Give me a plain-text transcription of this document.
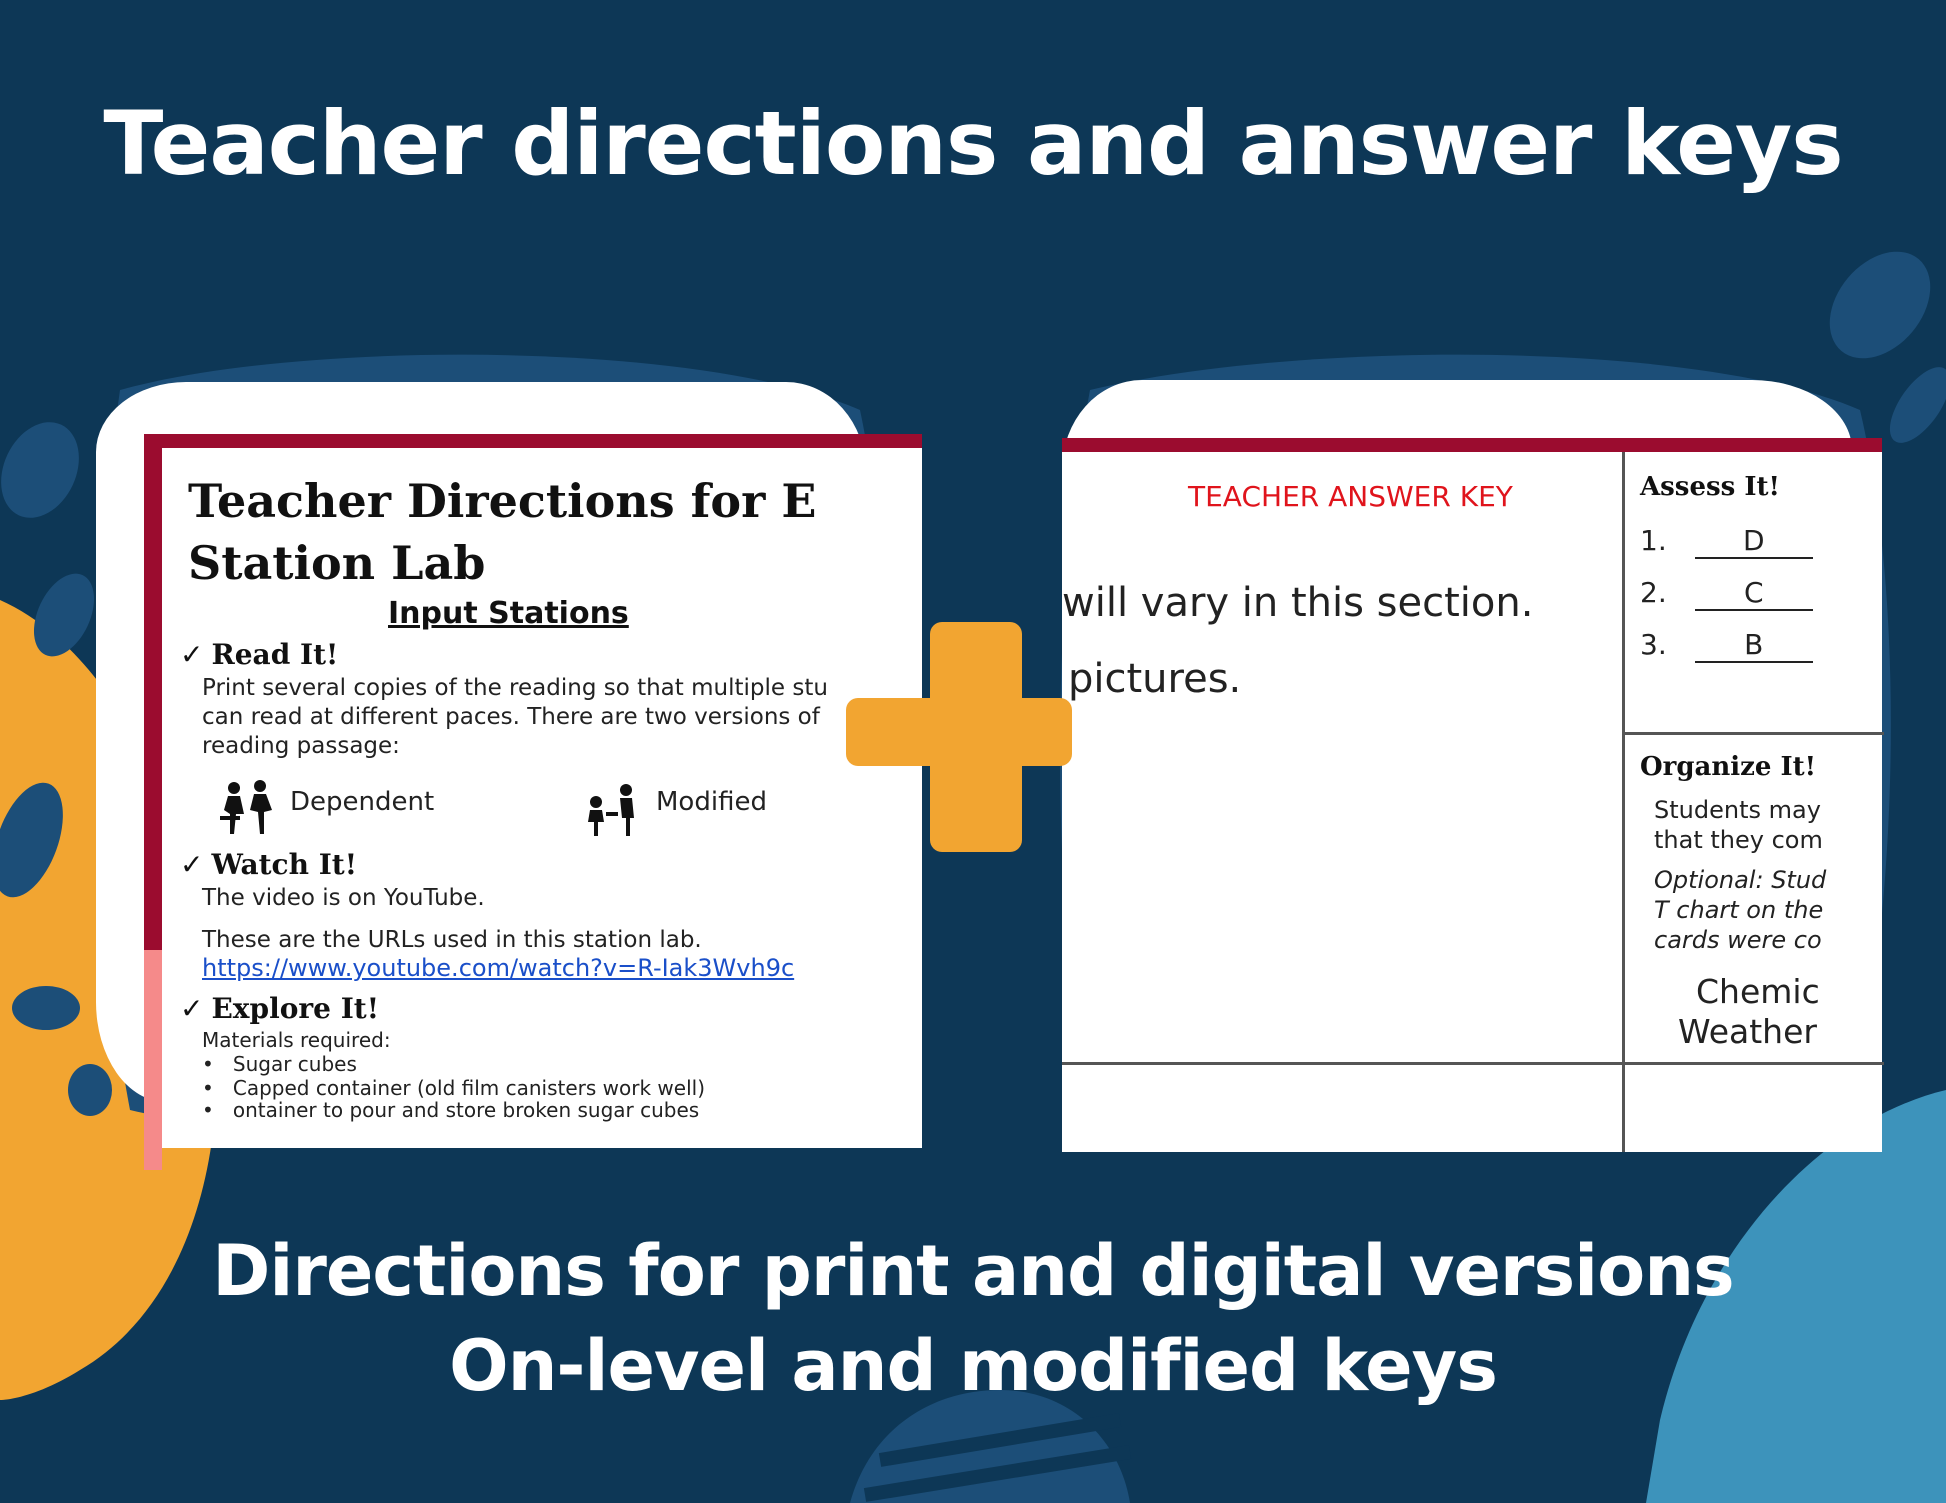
Teacher directions and answer keys
Teacher Directions for E
Station Lab
Input Stations
✓ Read It!
Print several copies of the reading so that multiple stu
can read at different paces. There are two versions of
reading passage:
Dependent	Modified
✓ Watch It!
The video is on YouTube.
These are the URLs used in this station lab.
https://www.youtube.com/watch?v=R-Iak3Wvh9c
✓ Explore It!
Materials required:
•   Sugar cubes
•   Capped container (old film canisters work well)
•   ontainer to pour and store broken sugar cubes
TEACHER ANSWER KEY
will vary in this section.
pictures.
Assess It!
1.	D
2.	C
3.	B
Organize It!
Students may
that they com
Optional: Stud
T chart on the
cards were co
Chemic
Weather
Directions for print and digital versions
On-level and modified keys
